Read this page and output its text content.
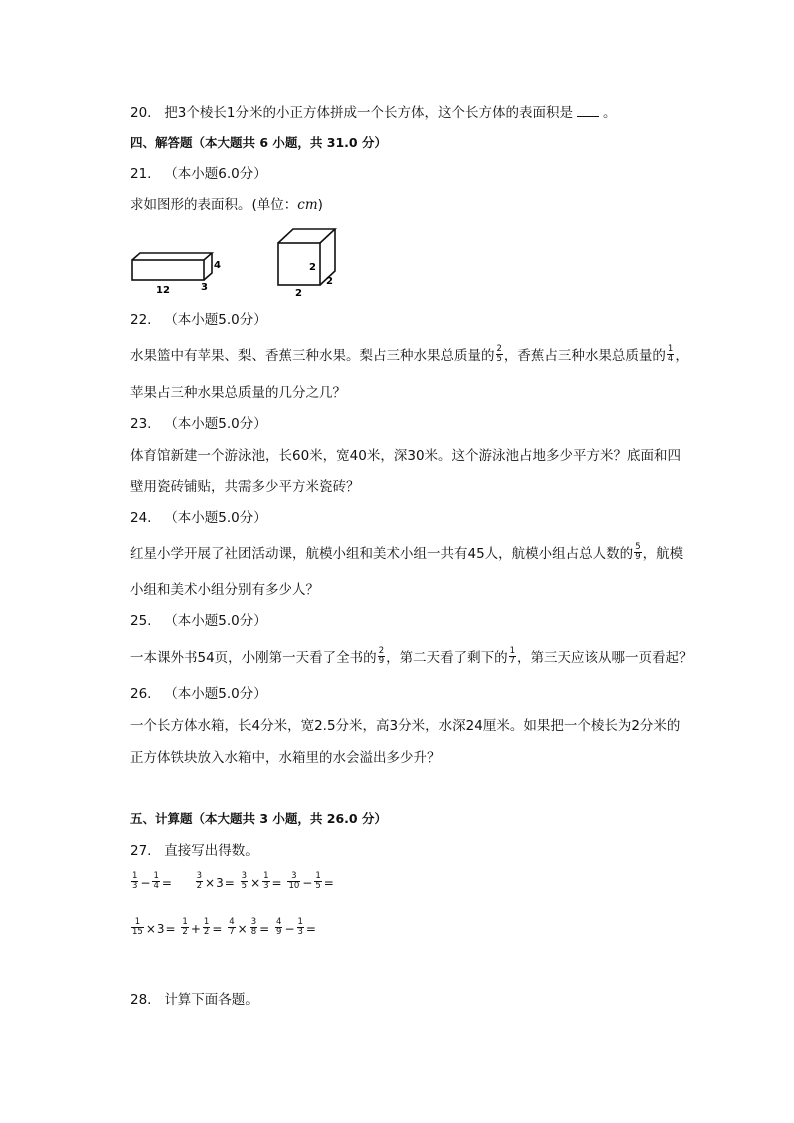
20. 把3个棱长1分米的小正方体拼成一个长方体，这个长方体的表面积是 。
四、解答题（本大题共 6 小题，共 31.0 分）
21. （本小题6.0分）
求如图形的表面积。(单位：cm)
12	3
4	2
2
2
22. （本小题5.0分）
水果篮中有苹果、梨、香蕉三种水果。梨占三种水果总质量的 $\frac{2}{5}$ ，香蕉占三种水果总质量的 $\frac{1}{4}$ ，
苹果占三种水果总质量的几分之几？
23. （本小题5.0分）
体育馆新建一个游泳池，长60米，宽40米，深30米。这个游泳池占地多少平方米？底面和四
壁用瓷砖铺贴，共需多少平方米瓷砖？
24. （本小题5.0分）
红星小学开展了社团活动课，航模小组和美术小组一共有45人，航模小组占总人数的 $\frac{5}{9}$ ，航模
小组和美术小组分别有多少人？
25. （本小题5.0分）
一本课外书54页，小刚第一天看了全书的 $\frac{2}{9}$ ，第二天看了剩下的 $\frac{1}{7}$ ，第三天应该从哪一页看起？
26. （本小题5.0分）
一个长方体水箱，长4分米，宽2.5分米，高3分米，水深24厘米。如果把一个棱长为2分米的
正方体铁块放入水箱中，水箱里的水会溢出多少升？
五、计算题（本大题共 3 小题，共 26.0 分）
27. 直接写出得数。
$\frac{1}{3} - \frac{1}{4}$ =	$\frac{3}{2} \times 3= \frac{3}{5} \times \frac{1}{3} = \frac{3}{10} - \frac{1}{5}$ =
$\frac{1}{15} \times 3= \frac{1}{2} + \frac{1}{2} = \frac{4}{7} \times \frac{3}{8} = \frac{4}{9} - \frac{1}{3}$ =
28. 计算下面各题。
